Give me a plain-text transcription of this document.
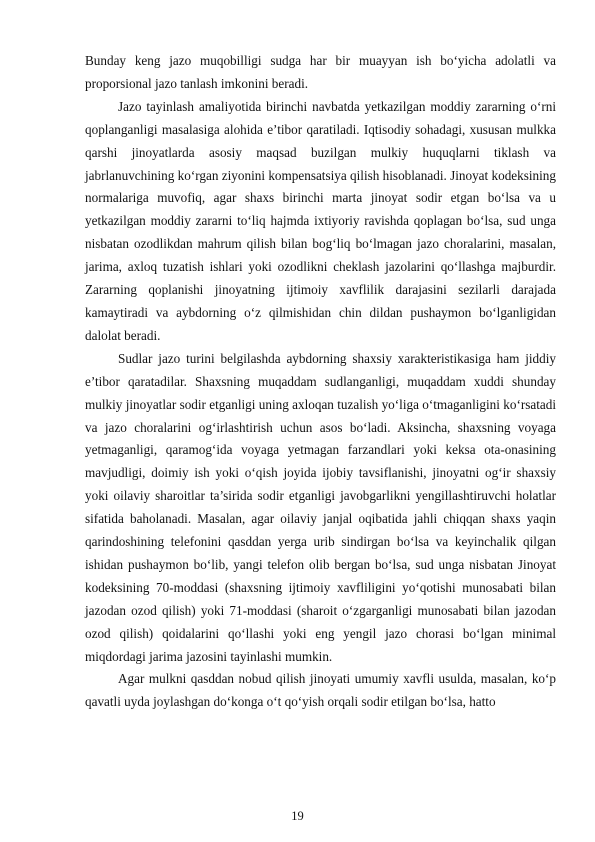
Bunday keng jazo muqobilligi sudga har bir muayyan ish bo‘yicha adolatli va proporsional jazo tanlash imkonini beradi.

Jazo tayinlash amaliyotida birinchi navbatda yetkazilgan moddiy zararning o‘rni qoplanganligi masalasiga alohida e’tibor qaratiladi. Iqtisodiy sohadagi, xususan mulkka qarshi jinoyatlarda asosiy maqsad buzilgan mulkiy huquqlarni tiklash va jabrlanuvchining ko‘rgan ziyonini kompensatsiya qilish hisoblanadi. Jinoyat kodeksining normalariga muvofiq, agar shaxs birinchi marta jinoyat sodir etgan bo‘lsa va u yetkazilgan moddiy zararni to‘liq hajmda ixtiyoriy ravishda qoplagan bo‘lsa, sud unga nisbatan ozodlikdan mahrum qilish bilan bog‘liq bo‘lmagan jazo choralarini, masalan, jarima, axloq tuzatish ishlari yoki ozodlikni cheklash jazolarini qo‘llashga majburdir. Zararning qoplanishi jinoyatning ijtimoiy xavflilik darajasini sezilarli darajada kamaytiradi va aybdorning o‘z qilmishidan chin dildan pushaymon bo‘lganligidan dalolat beradi.

Sudlar jazo turini belgilashda aybdorning shaxsiy xarakteristikasiga ham jiddiy e’tibor qaratadilar. Shaxsning muqaddam sudlanganligi, muqaddam xuddi shunday mulkiy jinoyatlar sodir etganligi uning axloqan tuzalish yo‘liga o‘tmaganligini ko‘rsatadi va jazo choralarini og‘irlashtirish uchun asos bo‘ladi. Aksincha, shaxsning voyaga yetmaganligi, qaramog‘ida voyaga yetmagan farzandlari yoki keksa ota-onasining mavjudligi, doimiy ish yoki o‘qish joyida ijobiy tavsiflanishi, jinoyatni og‘ir shaxsiy yoki oilaviy sharoitlar ta’sirida sodir etganligi javobgarlikni yengillashtiruvchi holatlar sifatida baholanadi. Masalan, agar oilaviy janjal oqibatida jahli chiqqan shaxs yaqin qarindoshining telefonini qasddan yerga urib sindirgan bo‘lsa va keyinchalik qilgan ishidan pushaymon bo‘lib, yangi telefon olib bergan bo‘lsa, sud unga nisbatan Jinoyat kodeksining 70-moddasi (shaxsning ijtimoiy xavfliligini yo‘qotishi munosabati bilan jazodan ozod qilish) yoki 71-moddasi (sharoit o‘zgarganligi munosabati bilan jazodan ozod qilish) qoidalarini qo‘llashi yoki eng yengil jazo chorasi bo‘lgan minimal miqdordagi jarima jazosini tayinlashi mumkin.

Agar mulkni qasddan nobud qilish jinoyati umumiy xavfli usulda, masalan, ko‘p qavatli uyda joylashgan do‘konga o‘t qo‘yish orqali sodir etilgan bo‘lsa, hatto

19
